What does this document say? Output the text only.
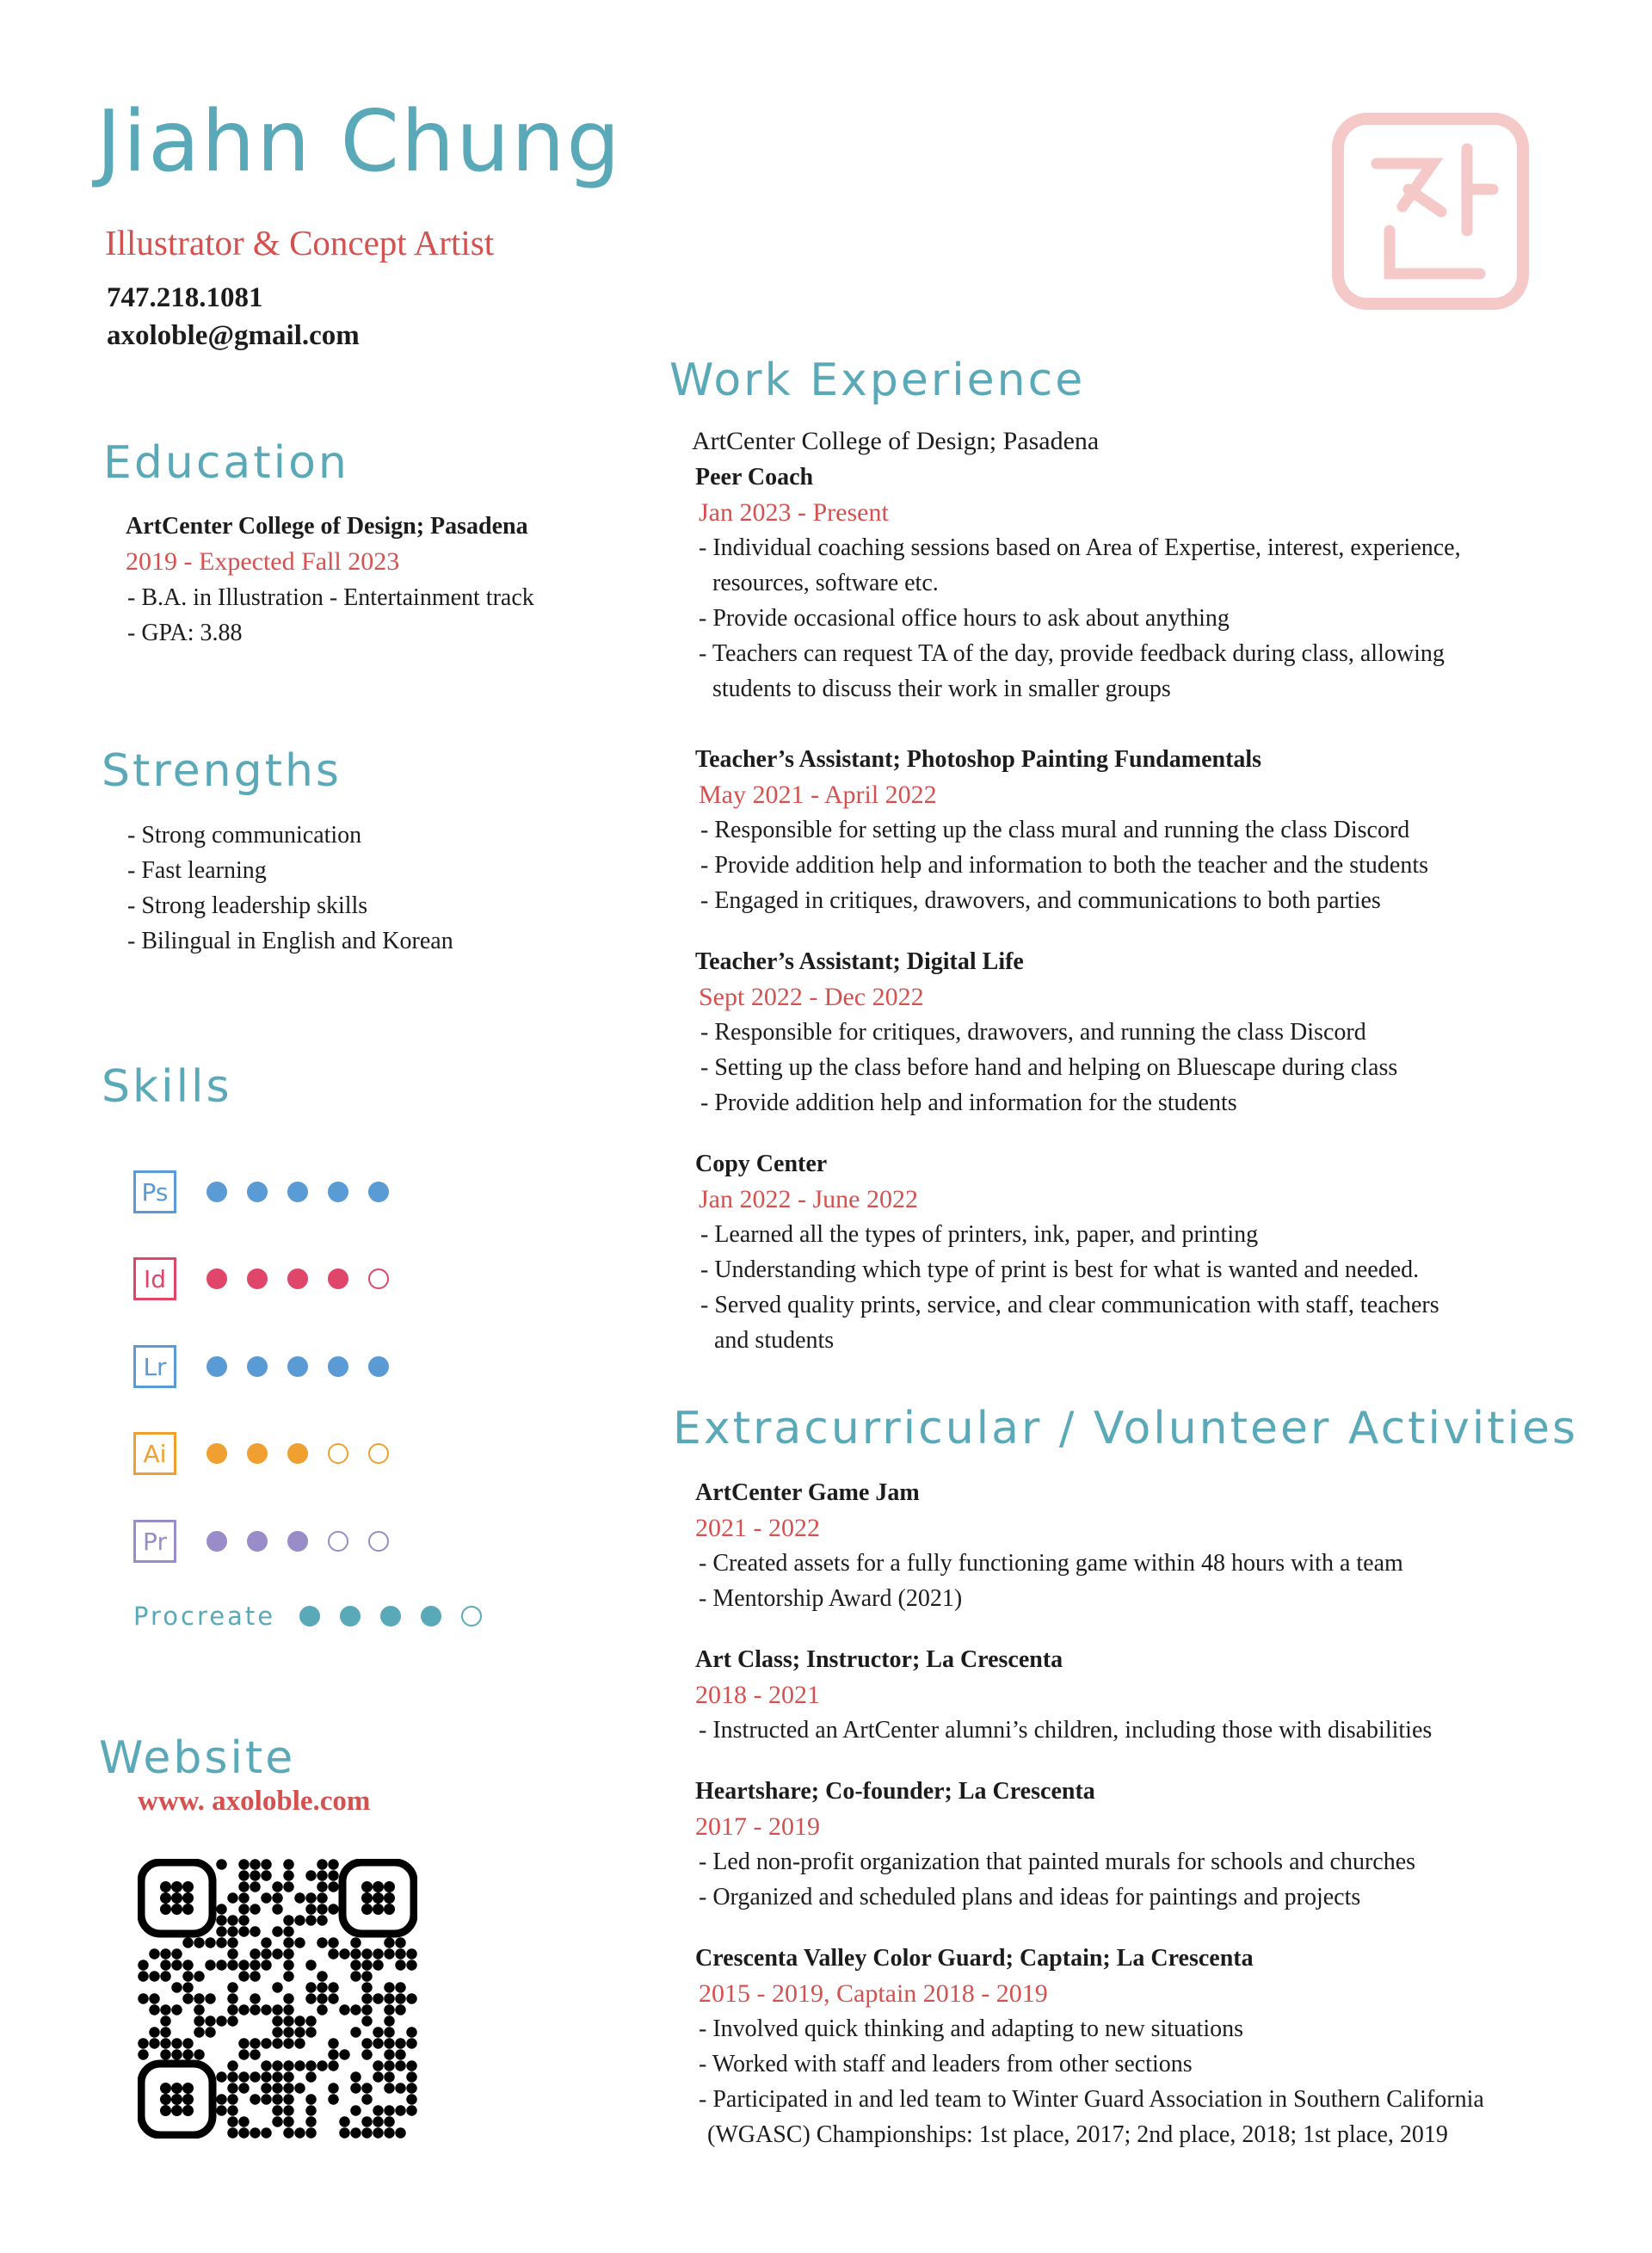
Jiahn Chung
Illustrator & Concept Artist
747.218.1081
axoloble@gmail.com
Education
ArtCenter College of Design; Pasadena
2019 - Expected Fall 2023
- B.A. in Illustration - Entertainment track
- GPA: 3.88
Strengths
- Strong communication
- Fast learning
- Strong leadership skills
- Bilingual in English and Korean
Skills
Ps
Id
Lr
Ai
Pr
Procreate
Website
www. axoloble.com
Work Experience
ArtCenter College of Design; Pasadena
Peer Coach
Jan 2023 - Present
- Individual coaching sessions based on Area of Expertise, interest, experience,
resources, software etc.
- Provide occasional office hours to ask about anything
- Teachers can request TA of the day, provide feedback during class, allowing
students to discuss their work in smaller groups
Teacher’s Assistant; Photoshop Painting Fundamentals
May 2021 - April 2022
- Responsible for setting up the class mural and running the class Discord
- Provide addition help and information to both the teacher and the students
- Engaged in critiques, drawovers, and communications to both parties
Teacher’s Assistant; Digital Life
Sept 2022 - Dec 2022
- Responsible for critiques, drawovers, and running the class Discord
- Setting up the class before hand and helping on Bluescape during class
- Provide addition help and information for the students
Copy Center
Jan 2022 - June 2022
- Learned all the types of printers, ink, paper, and printing
- Understanding which type of print is best for what is wanted and needed.
- Served quality prints, service, and clear communication with staff, teachers
and students
Extracurricular / Volunteer Activities
ArtCenter Game Jam
2021 - 2022
- Created assets for a fully functioning game within 48 hours with a team
- Mentorship Award (2021)
Art Class; Instructor; La Crescenta
2018 - 2021
- Instructed an ArtCenter alumni’s children, including those with disabilities
Heartshare; Co-founder; La Crescenta
2017 - 2019
- Led non-profit organization that painted murals for schools and churches
- Organized and scheduled plans and ideas for paintings and projects
Crescenta Valley Color Guard; Captain; La Crescenta
2015 - 2019, Captain 2018 - 2019
- Involved quick thinking and adapting to new situations
- Worked with staff and leaders from other sections
- Participated in and led team to Winter Guard Association in Southern California
(WGASC) Championships: 1st place, 2017; 2nd place, 2018; 1st place, 2019
